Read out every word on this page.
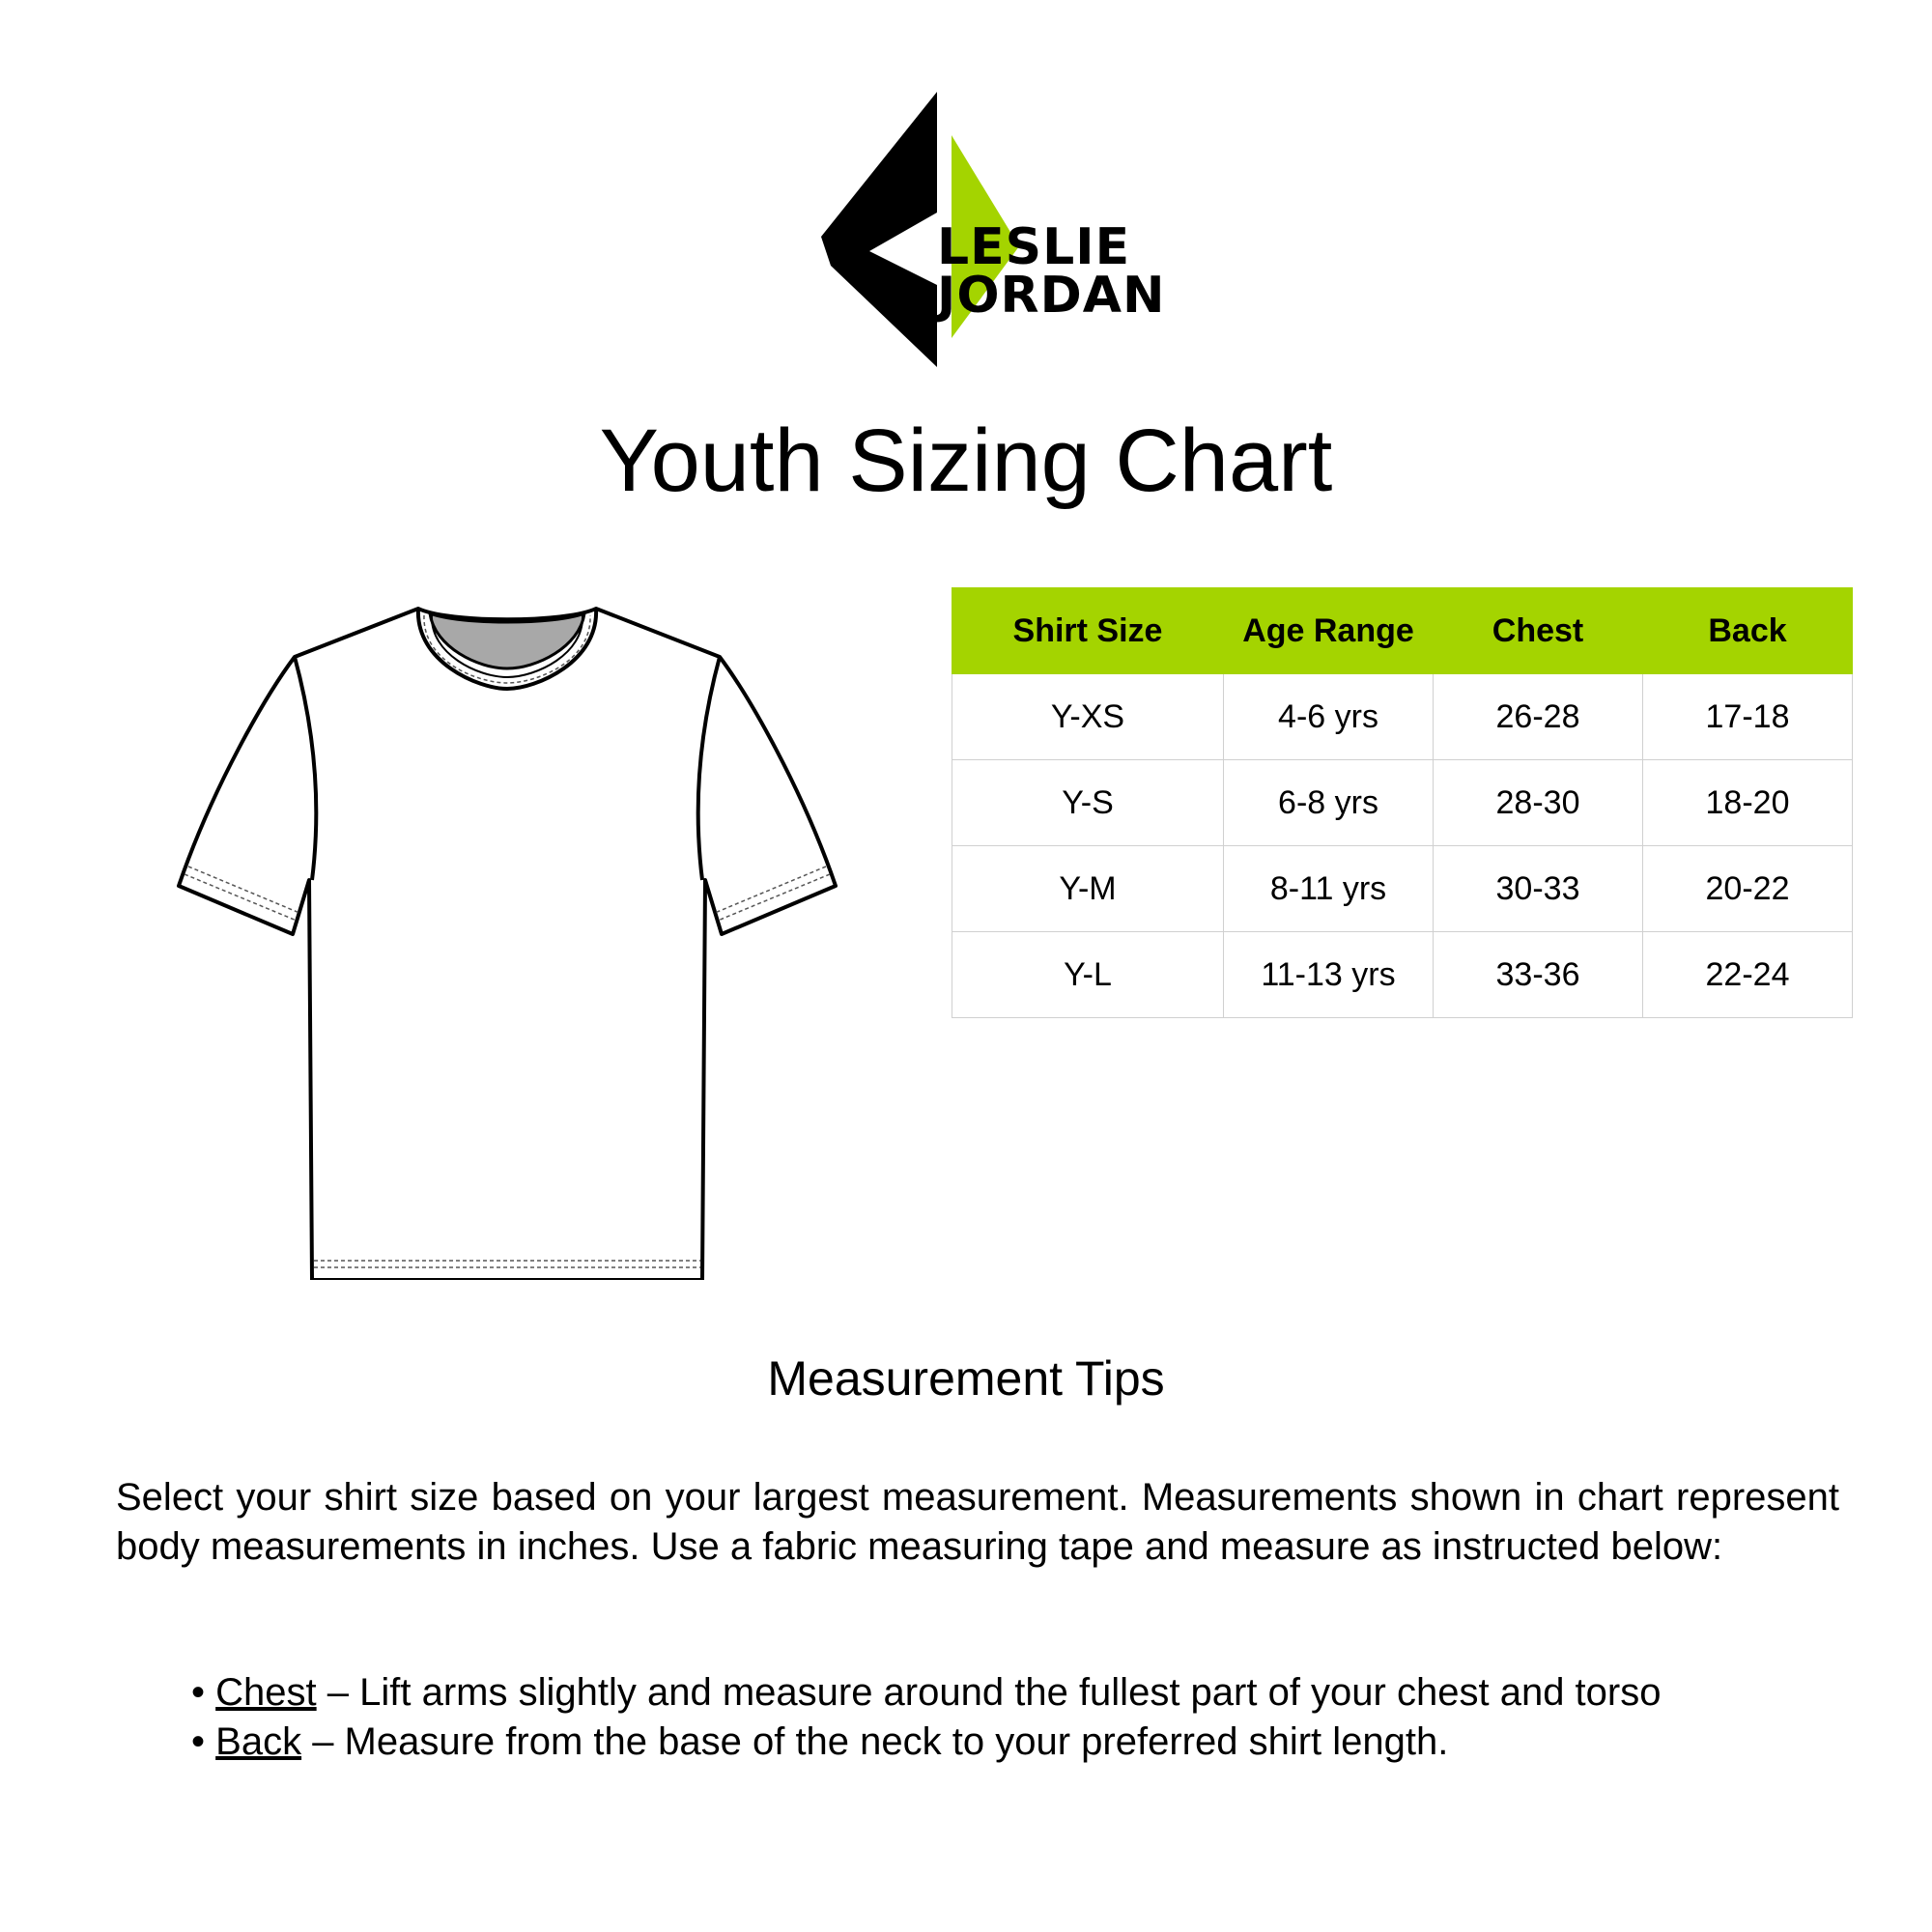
LESLIE
JORDAN
Youth Sizing Chart
Shirt Size	Age Range	Chest	Back
Y-XS	4-6 yrs	26-28	17-18
Y-S	6-8 yrs	28-30	18-20
Y-M	8-11 yrs	30-33	20-22
Y-L	11-13 yrs	33-36	22-24
Measurement Tips

Select your shirt size based on your largest measurement. Measurements shown in chart represent body measurements in inches. Use a fabric measuring tape and measure as instructed below:

• Chest – Lift arms slightly and measure around the fullest part of your chest and torso
• Back – Measure from the base of the neck to your preferred shirt length.
